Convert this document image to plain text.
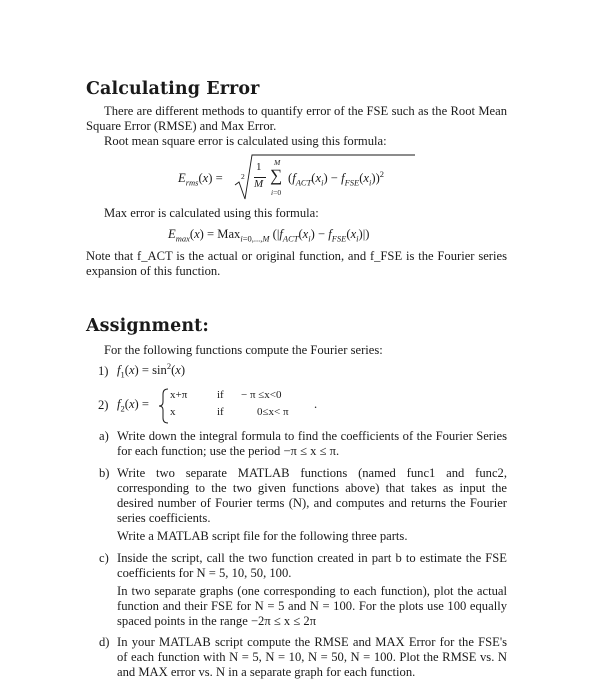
Calculating Error

There are different methods to quantify error of the FSE such as the Root Mean Square Error (RMSE) and Max Error.

Root mean square error is calculated using this formula:
$E_{rms}(x) = 2$
1
M
M
∑
i=0
$(f_{ACT}(x_i) - f_{FSE}(x_i))^2$
Max error is calculated using this formula:
$E_{max}(x) = Max_{i=0,...,M}$ $(|f_{ACT}(x_i) - f_{FSE}(x_i)|)$

Note that f_ACT is the actual or original function, and f_FSE is the Fourier series expansion of this function.

Assignment:
For the following functions compute the Fourier series:
1) $f_1(x) = \sin^2(x)$
2) $f_2(x)$ =
x+π	if − π ≤x<0
x	if	0≤x< π
.
a) Write down the integral formula to find the coefficients of the Fourier Series for each function; use the period −π ≤ x ≤ π.

b) Write two separate MATLAB functions (named func1 and func2, corresponding to the two given functions above) that takes as input the desired number of Fourier terms (N), and computes and returns the Fourier series coefficients.

Write a MATLAB script file for the following three parts.

c) Inside the script, call the two function created in part b to estimate the FSE coefficients for N = 5, 10, 50, 100.

In two separate graphs (one corresponding to each function), plot the actual function and their FSE for N = 5 and N = 100. For the plots use 100 equally spaced points in the range −2π ≤ x ≤ 2π

d) In your MATLAB script compute the RMSE and MAX Error for the FSE's of each function with N = 5, N = 10, N = 50, N = 100. Plot the RMSE vs. N and MAX error vs. N in a separate graph for each function.
